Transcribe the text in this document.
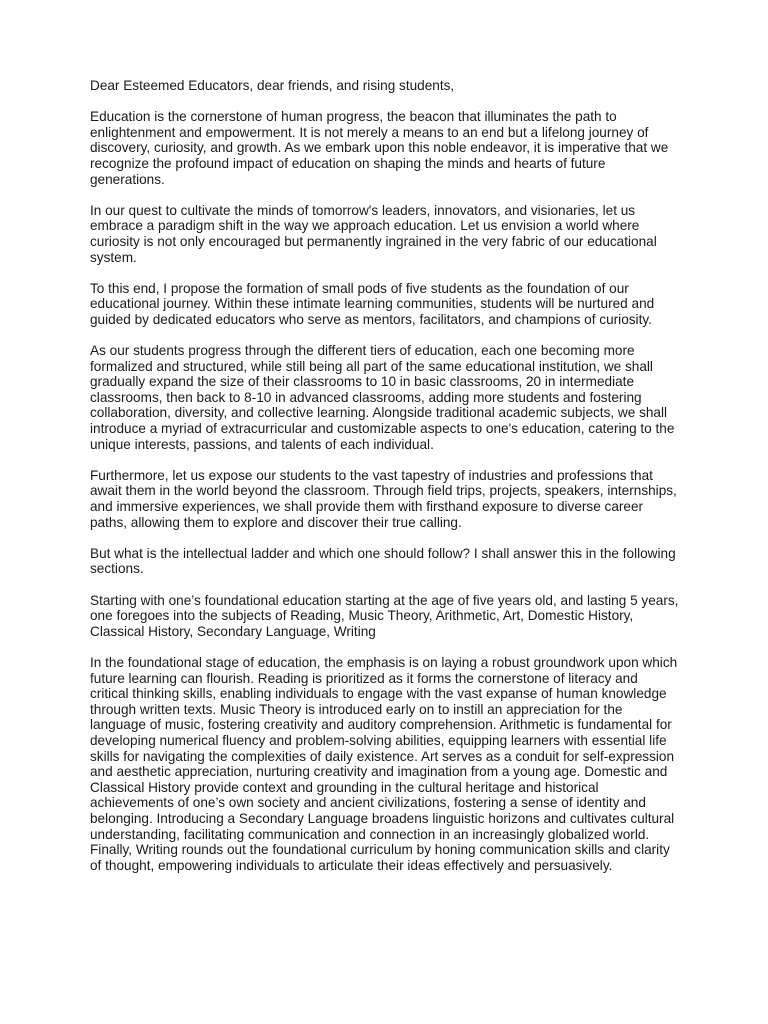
Dear Esteemed Educators, dear friends, and rising students,

Education is the cornerstone of human progress, the beacon that illuminates the path to enlightenment and empowerment. It is not merely a means to an end but a lifelong journey of discovery, curiosity, and growth. As we embark upon this noble endeavor, it is imperative that we recognize the profound impact of education on shaping the minds and hearts of future generations.

In our quest to cultivate the minds of tomorrow's leaders, innovators, and visionaries, let us embrace a paradigm shift in the way we approach education. Let us envision a world where curiosity is not only encouraged but permanently ingrained in the very fabric of our educational system.

To this end, I propose the formation of small pods of five students as the foundation of our educational journey. Within these intimate learning communities, students will be nurtured and guided by dedicated educators who serve as mentors, facilitators, and champions of curiosity.

As our students progress through the different tiers of education, each one becoming more formalized and structured, while still being all part of the same educational institution, we shall gradually expand the size of their classrooms to 10 in basic classrooms, 20 in intermediate classrooms, then back to 8-10 in advanced classrooms, adding more students and fostering collaboration, diversity, and collective learning. Alongside traditional academic subjects, we shall introduce a myriad of extracurricular and customizable aspects to one's education, catering to the unique interests, passions, and talents of each individual.

Furthermore, let us expose our students to the vast tapestry of industries and professions that await them in the world beyond the classroom. Through field trips, projects, speakers, internships, and immersive experiences, we shall provide them with firsthand exposure to diverse career paths, allowing them to explore and discover their true calling.

But what is the intellectual ladder and which one should follow? I shall answer this in the following sections.

Starting with one’s foundational education starting at the age of five years old, and lasting 5 years, one foregoes into the subjects of Reading, Music Theory, Arithmetic, Art, Domestic History, Classical History, Secondary Language, Writing

In the foundational stage of education, the emphasis is on laying a robust groundwork upon which future learning can flourish. Reading is prioritized as it forms the cornerstone of literacy and critical thinking skills, enabling individuals to engage with the vast expanse of human knowledge through written texts. Music Theory is introduced early on to instill an appreciation for the language of music, fostering creativity and auditory comprehension. Arithmetic is fundamental for developing numerical fluency and problem-solving abilities, equipping learners with essential life skills for navigating the complexities of daily existence. Art serves as a conduit for self-expression and aesthetic appreciation, nurturing creativity and imagination from a young age. Domestic and Classical History provide context and grounding in the cultural heritage and historical achievements of one’s own society and ancient civilizations, fostering a sense of identity and belonging. Introducing a Secondary Language broadens linguistic horizons and cultivates cultural understanding, facilitating communication and connection in an increasingly globalized world. Finally, Writing rounds out the foundational curriculum by honing communication skills and clarity of thought, empowering individuals to articulate their ideas effectively and persuasively.
